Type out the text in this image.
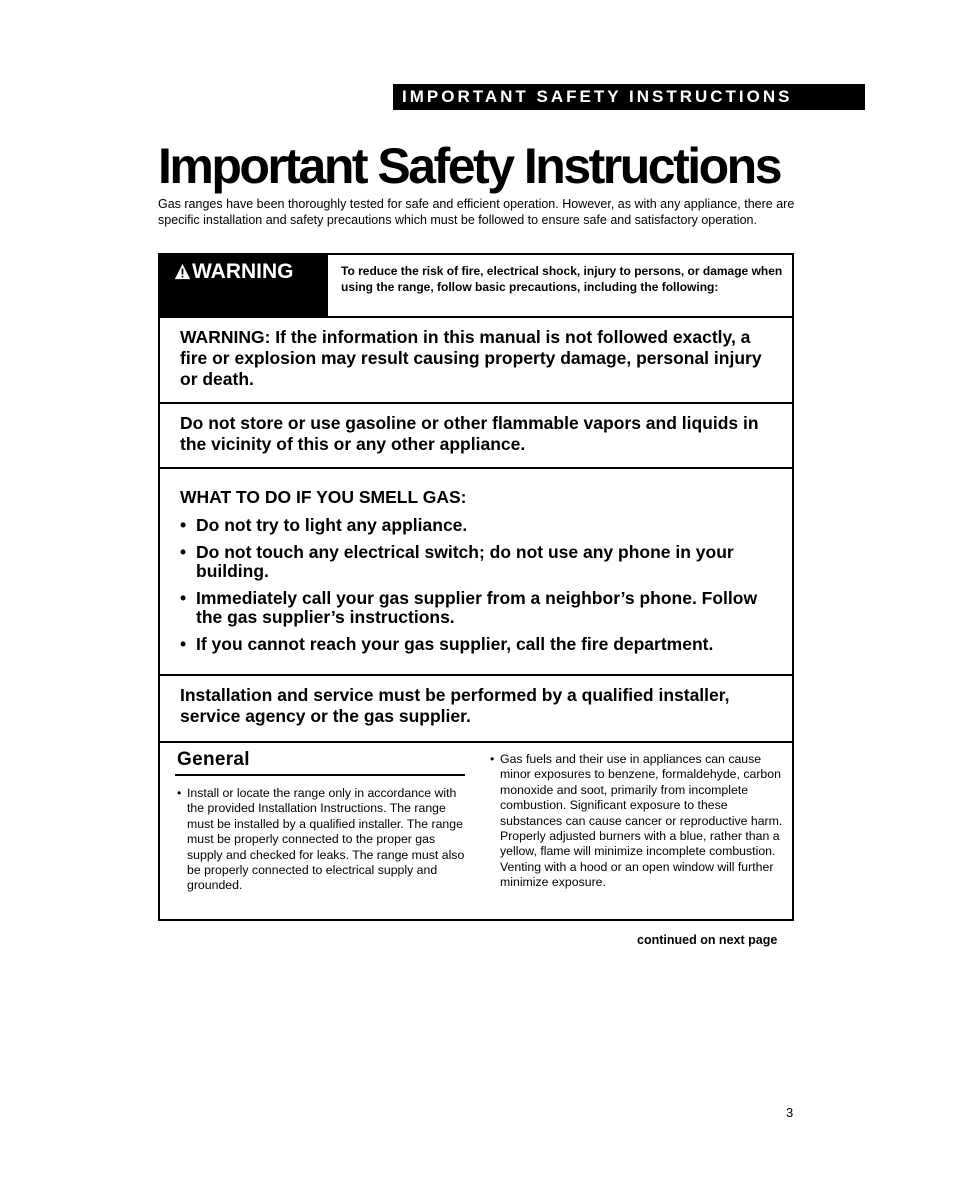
IMPORTANT SAFETY INSTRUCTIONS
Important Safety Instructions

Gas ranges have been thoroughly tested for safe and efficient operation. However, as with any appliance, there are specific installation and safety precautions which must be followed to ensure safe and satisfactory operation.

WARNING	To reduce the risk of fire, electrical shock, injury to persons, or damage when using the range, follow basic precautions, including the following:

WARNING: If the information in this manual is not followed exactly, a fire or explosion may result causing property damage, personal injury or death.

Do not store or use gasoline or other flammable vapors and liquids in the vicinity of this or any other appliance.

WHAT TO DO IF YOU SMELL GAS:

• Do not try to light any appliance.
• Do not touch any electrical switch; do not use any phone in your building.
• Immediately call your gas supplier from a neighbor’s phone. Follow the gas supplier’s instructions.
• If you cannot reach your gas supplier, call the fire department.

Installation and service must be performed by a qualified installer, service agency or the gas supplier.

General

• Install or locate the range only in accordance with the provided Installation Instructions. The range must be installed by a qualified installer. The range must be properly connected to the proper gas supply and checked for leaks. The range must also be properly connected to electrical supply and grounded.

• Gas fuels and their use in appliances can cause minor exposures to benzene, formaldehyde, carbon monoxide and soot, primarily from incomplete combustion. Significant exposure to these substances can cause cancer or reproductive harm. Properly adjusted burners with a blue, rather than a yellow, flame will minimize incomplete combustion. Venting with a hood or an open window will further minimize exposure.

continued on next page

3
